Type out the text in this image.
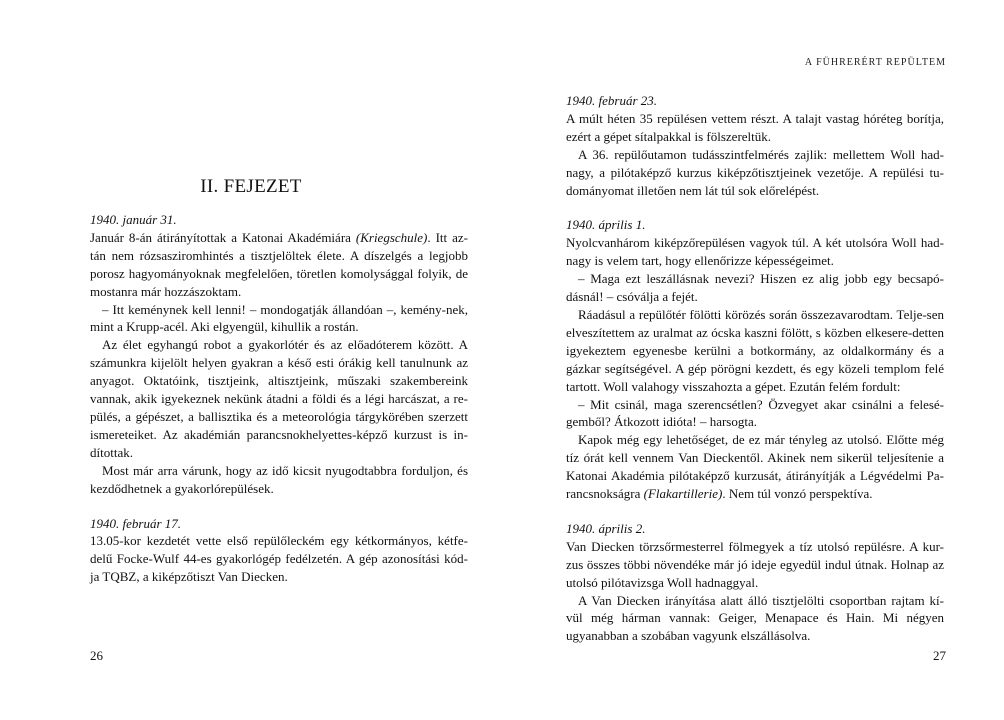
II. FEJEZET

1940. január 31.

Január 8-án átirányítottak a Katonai Akadémiára (Kriegschule). Itt az-tán nem rózsasziromhintés a tisztjelöltek élete. A díszelgés a legjobb porosz hagyományoknak megfelelően, töretlen komolysággal folyik, de mostanra már hozzászoktam.

– Itt keménynek kell lenni! – mondogatják állandóan –, kemény-nek, mint a Krupp-acél. Aki elgyengül, kihullik a rostán.

Az élet egyhangú robot a gyakorlótér és az előadóterem között. A számunkra kijelölt helyen gyakran a késő esti órákig kell tanulnunk az anyagot. Oktatóink, tisztjeink, altisztjeink, műszaki szakembereink vannak, akik igyekeznek nekünk átadni a földi és a légi harcászat, a re-pülés, a gépészet, a ballisztika és a meteorológia tárgykörében szerzett ismereteiket. Az akadémián parancsnokhelyettes-képző kurzust is in-dítottak.

Most már arra várunk, hogy az idő kicsit nyugodtabbra forduljon, és kezdődhetnek a gyakorlórepülések.

1940. február 17.

13.05-kor kezdetét vette első repülőleckém egy kétkormányos, kétfe-delű Focke-Wulf 44-es gyakorlógép fedélzetén. A gép azonosítási kód-ja TQBZ, a kiképzőtiszt Van Diecken.

26
A FÜHRERÉRT REPÜLTEM

1940. február 23.

A múlt héten 35 repülésen vettem részt. A talajt vastag hóréteg borítja, ezért a gépet sítalpakkal is fölszereltük.

A 36. repülőutamon tudásszintfelmérés zajlik: mellettem Woll had-nagy, a pilótaképző kurzus kiképzőtisztjeinek vezetője. A repülési tu-dományomat illetően nem lát túl sok előrelépést.

1940. április 1.

Nyolcvanhárom kiképzőrepülésen vagyok túl. A két utolsóra Woll had-nagy is velem tart, hogy ellenőrizze képességeimet.

– Maga ezt leszállásnak nevezi? Hiszen ez alig jobb egy becsapó-dásnál! – csóválja a fejét.

Ráadásul a repülőtér fölötti körözés során összezavarodtam. Telje-sen elveszítettem az uralmat az ócska kaszni fölött, s közben elkesere-detten igyekeztem egyenesbe kerülni a botkormány, az oldalkormány és a gázkar segítségével. A gép pörögni kezdett, és egy közeli templom felé tartott. Woll valahogy visszahozta a gépet. Ezután felém fordult:

– Mit csinál, maga szerencsétlen? Özvegyet akar csinálni a felesé-gemből? Átkozott idióta! – harsogta.

Kapok még egy lehetőséget, de ez már tényleg az utolsó. Előtte még tíz órát kell vennem Van Dieckentől. Akinek nem sikerül teljesítenie a Katonai Akadémia pilótaképző kurzusát, átirányítják a Légvédelmi Pa-rancsnokságra (Flakartillerie). Nem túl vonzó perspektíva.

1940. április 2.

Van Diecken törzsőrmesterrel fölmegyek a tíz utolsó repülésre. A kur-zus összes többi növendéke már jó ideje egyedül indul útnak. Holnap az utolsó pilótavizsga Woll hadnaggyal.

A Van Diecken irányítása alatt álló tisztjelölti csoportban rajtam kí-vül még hárman vannak: Geiger, Menapace és Hain. Mi négyen ugyanabban a szobában vagyunk elszállásolva.

27
